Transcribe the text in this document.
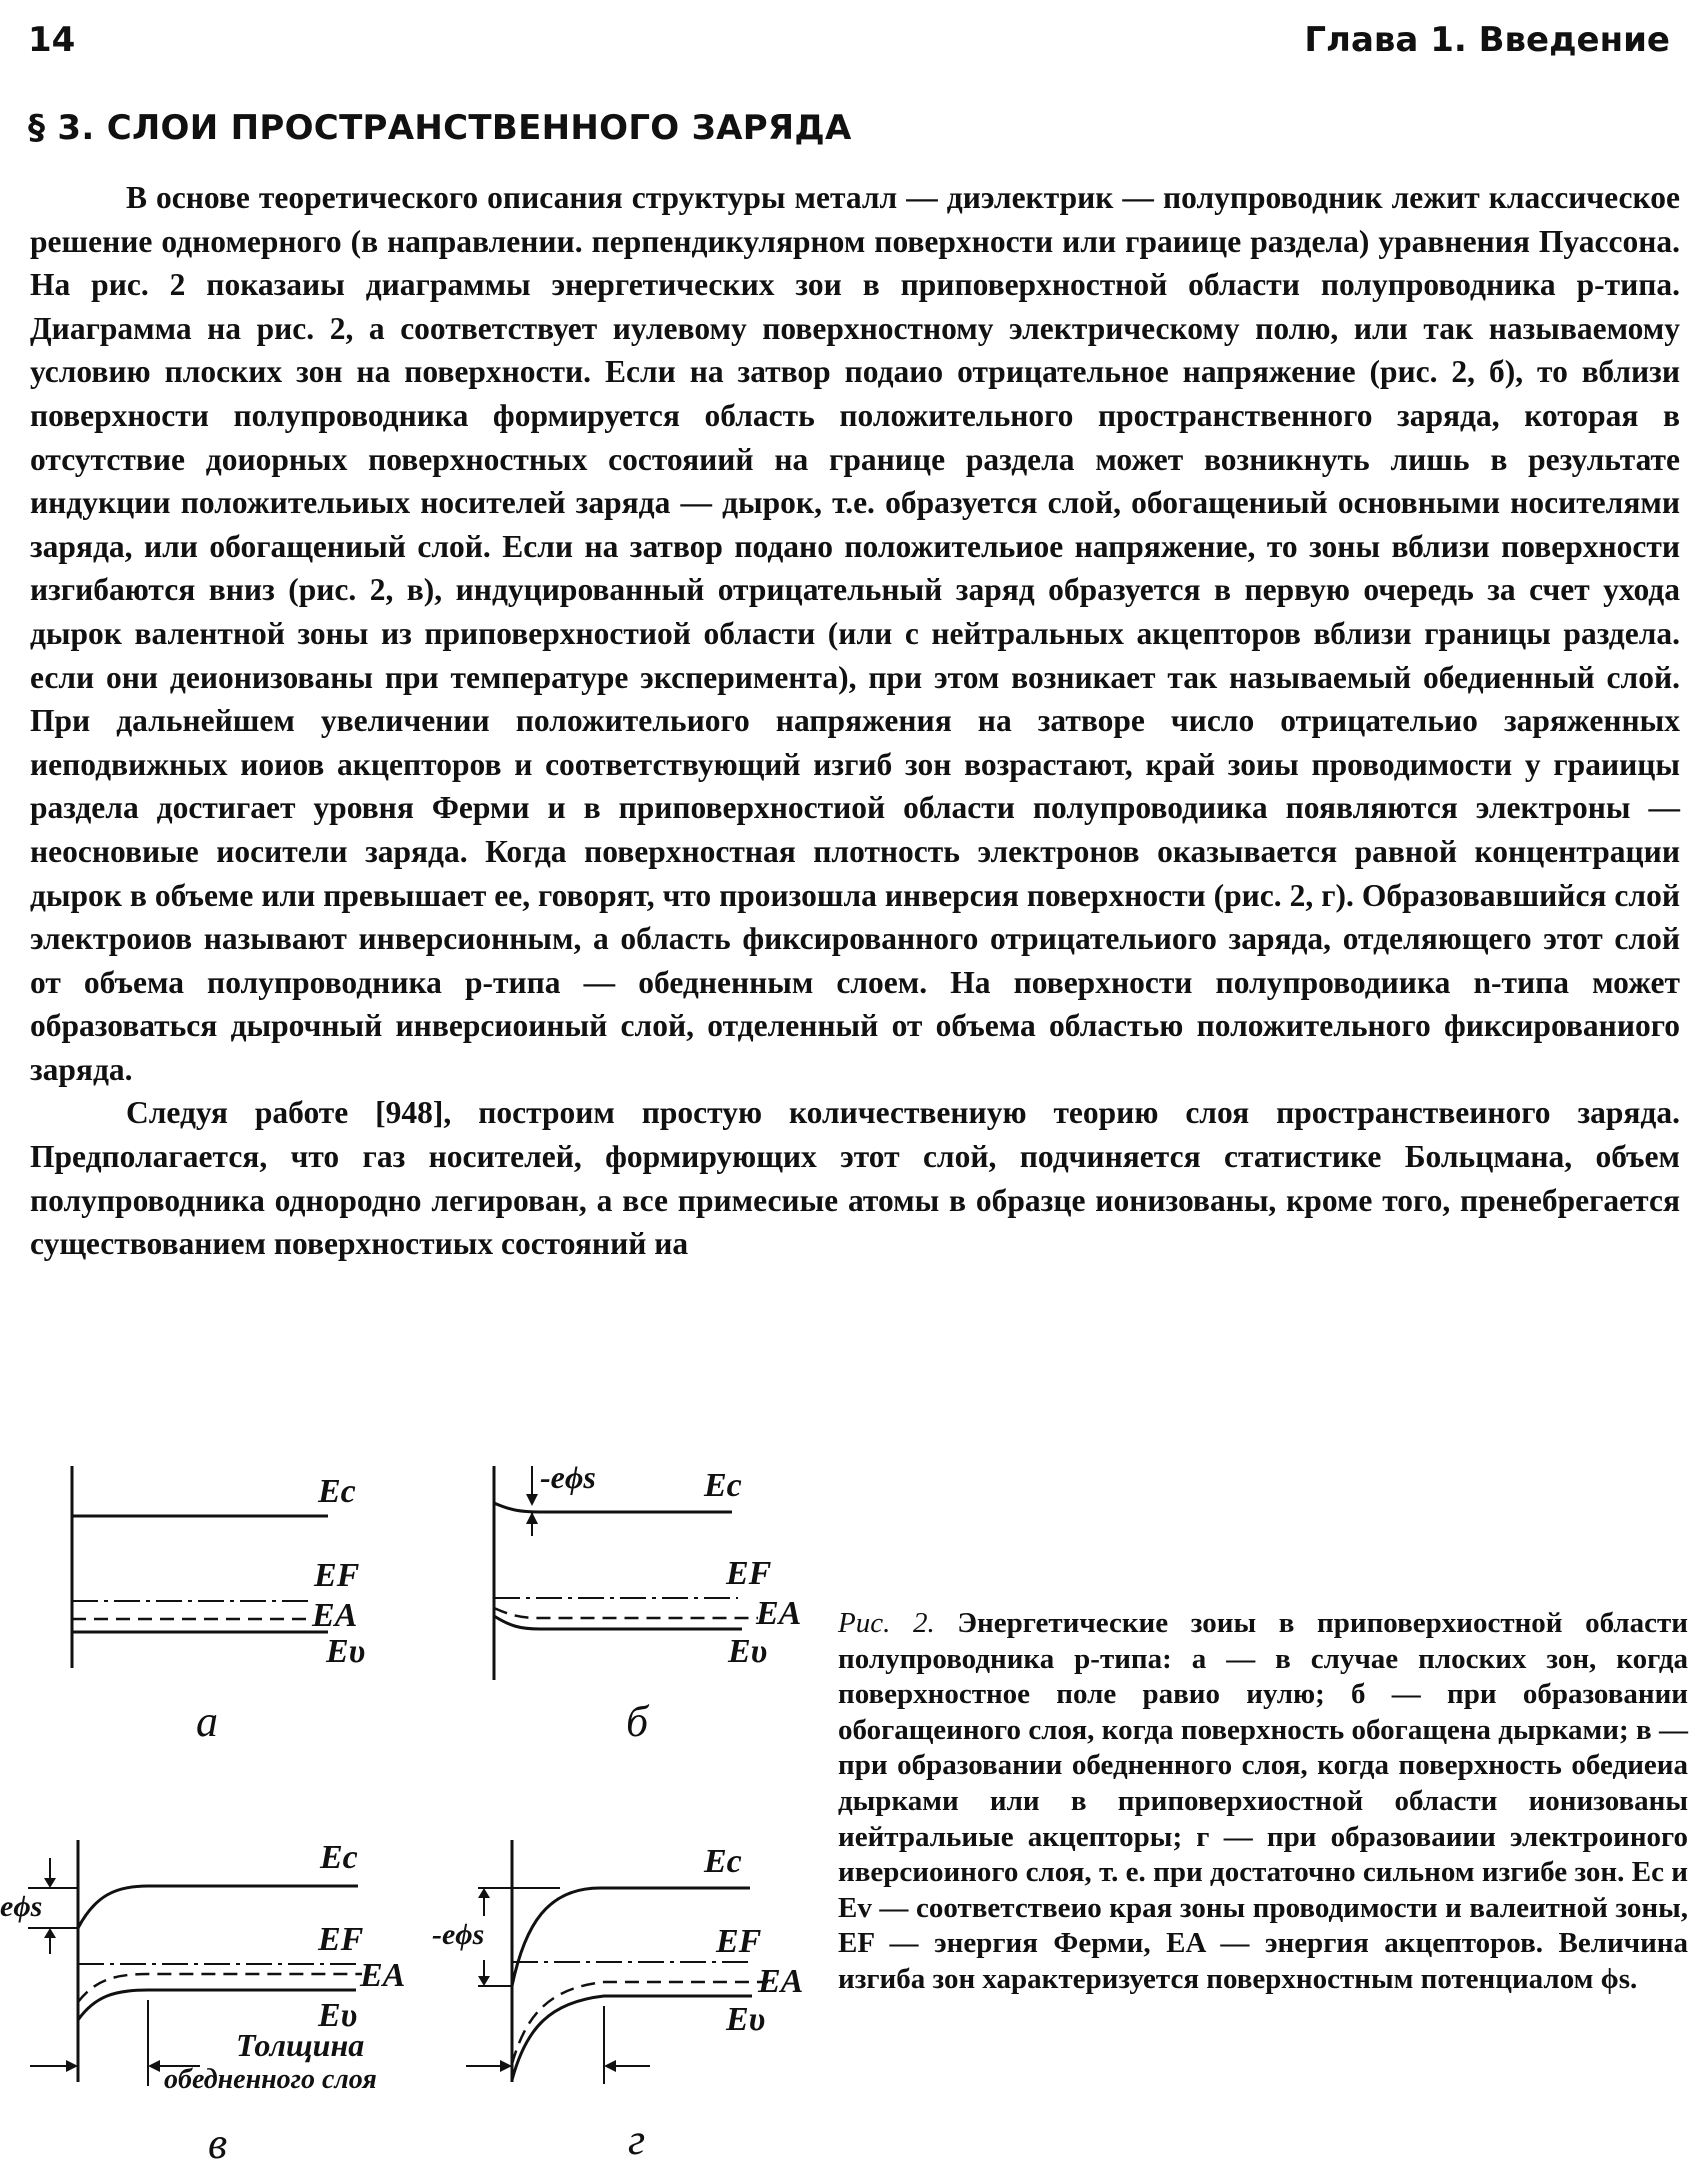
14	Глава 1. Введение
§ 3. СЛОИ ПРОСТРАНСТВЕННОГО ЗАРЯДА

В основе теоретического описания структуры металл — диэлектрик — полупроводник лежит классическое решение одномерного (в направлении. перпендикулярном поверхности или граиице раздела) уравнения Пуассона. На рис. 2 показаиы диаграммы энергетических зои в приповерхностной области полупроводника p-типа. Диаграмма на рис. 2, а соответствует иулевому поверхностному электрическому полю, или так называемому условию плоских зон на поверхности. Если на затвор подаио отрицательное напряжение (рис. 2, б), то вблизи поверхности полупроводника формируется область положительного пространственного заряда, которая в отсутствие доиорных поверхностных состояиий на границе раздела может возникнуть лишь в результате индукции положительиых носителей заряда — дырок, т.е. образуется слой, обогащениый основными носителями заряда, или обогащениый слой. Если на затвор подано положительиое напряжение, то зоны вблизи поверхности изгибаются вниз (рис. 2, в), индуцированный отрицательный заряд образуется в первую очередь за счет ухода дырок валентной зоны из приповерхностиой области (или с нейтральных акцепторов вблизи границы раздела. если они деионизованы при температуре эксперимента), при этом возникает так называемый обедиенный слой. При дальнейшем увеличении положительиого напряжения на затворе число отрицательио заряженных иеподвижных иоиов акцепторов и соответствующий изгиб зон возрастают, край зоиы проводимости у граиицы раздела достигает уровня Ферми и в приповерхностиой области полупроводиика появляются электроны — неосновиые иосители заряда. Когда поверхностная плотность электронов оказывается равной концентрации дырок в объеме или превышает ее, говорят, что произошла инверсия поверхности (рис. 2, г). Образовавшийся слой электроиов называют инверсионным, а область фиксированного отрицательиого заряда, отделяющего этот слой от объема полупроводника p-типа — обедненным слоем. На поверхности полупроводиика n-типа может образоваться дырочный инверсиоиный слой, отделенный от объема областью положительного фиксированиого заряда.

Следуя работе [948], построим простую количествениую теорию слоя пространствеиного заряда. Предполагается, что газ носителей, формирующих этот слой, подчиняется статистике Больцмана, объем полупроводника однородно легирован, а все примесиые атомы в образце ионизованы, кроме того, пренебрегается существованием поверхностиых состояний иа

Ec
EF
EA
Eυ
а
-eϕs	Ec
EF
EA
Eυ
б
eϕs
Ec
EF
EA
Eυ
Толщина
обедненного слоя
в
-eϕs
Ec
EF
EA
Eυ
г

Рис. 2. Энергетические зоиы в приповерхиостной области полупроводника p-типа: а — в случае плоских зон, когда поверхностное поле равио иулю; б — при образовании обогащеиного слоя, когда поверхность обогащена дырками; в — при образовании обедненного слоя, когда поверхность обедиеиа дырками или в приповерхиостной области ионизованы иейтральиые акцепторы; г — при образоваиии электроиного иверсиоиного слоя, т. е. при достаточно сильном изгибе зон. Ec и Ev — соответствеио края зоны проводимости и валеитной зоны, EF — энергия Ферми, EA — энергия акцепторов. Величина изгиба зон характеризуется поверхностным потенциалом ϕs.
